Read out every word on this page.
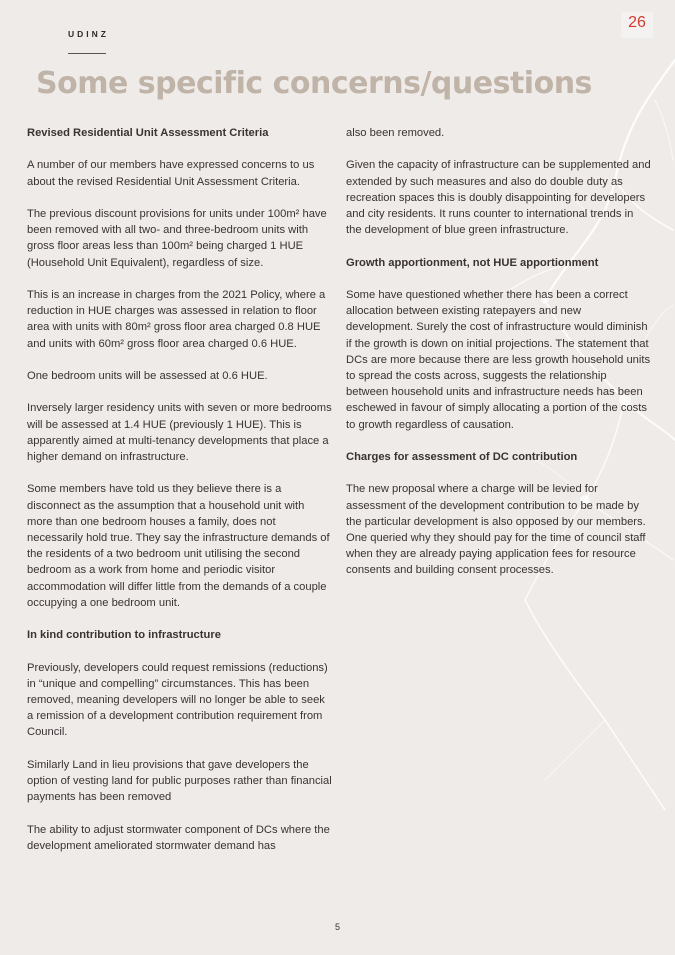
26
UDINZ
Some specific concerns/questions
Revised Residential Unit Assessment Criteria

A number of our members have expressed concerns to us about the revised Residential Unit Assessment Criteria.

The previous discount provisions for units under 100m² have been removed with all two- and three-bedroom units with gross floor areas less than 100m² being charged 1 HUE (Household Unit Equivalent), regardless of size.

This is an increase in charges from the 2021 Policy, where a reduction in HUE charges was assessed in relation to floor area with units with 80m² gross floor area charged 0.8 HUE and units with 60m² gross floor area charged 0.6 HUE.

One bedroom units will be assessed at 0.6 HUE.

Inversely larger residency units with seven or more bedrooms will be assessed at 1.4 HUE (previously 1 HUE). This is apparently aimed at multi-tenancy developments that place a higher demand on infrastructure.

Some members have told us they believe there is a disconnect as the assumption that a household unit with more than one bedroom houses a family, does not necessarily hold true. They say the infrastructure demands of the residents of a two bedroom unit utilising the second bedroom as a work from home and periodic visitor accommodation will differ little from the demands of a couple occupying a one bedroom unit.

In kind contribution to infrastructure

Previously, developers could request remissions (reductions) in “unique and compelling” circumstances. This has been removed, meaning developers will no longer be able to seek a remission of a development contribution requirement from Council.

Similarly Land in lieu provisions that gave developers the option of vesting land for public purposes rather than financial payments has been removed

The ability to adjust stormwater component of DCs where the development ameliorated stormwater demand has

also been removed.

Given the capacity of infrastructure can be supplemented and extended by such measures and also do double duty as recreation spaces this is doubly disappointing for developers and city residents. It runs counter to international trends in the development of blue green infrastructure.

Growth apportionment, not HUE apportionment

Some have questioned whether there has been a correct allocation between existing ratepayers and new development. Surely the cost of infrastructure would diminish if the growth is down on initial projections. The statement that DCs are more because there are less growth household units to spread the costs across, suggests the relationship between household units and infrastructure needs has been eschewed in favour of simply allocating a portion of the costs to growth regardless of causation.

Charges for assessment of DC contribution

The new proposal where a charge will be levied for assessment of the development contribution to be made by the particular development is also opposed by our members. One queried why they should pay for the time of council staff when they are already paying application fees for resource consents and building consent processes.

5
